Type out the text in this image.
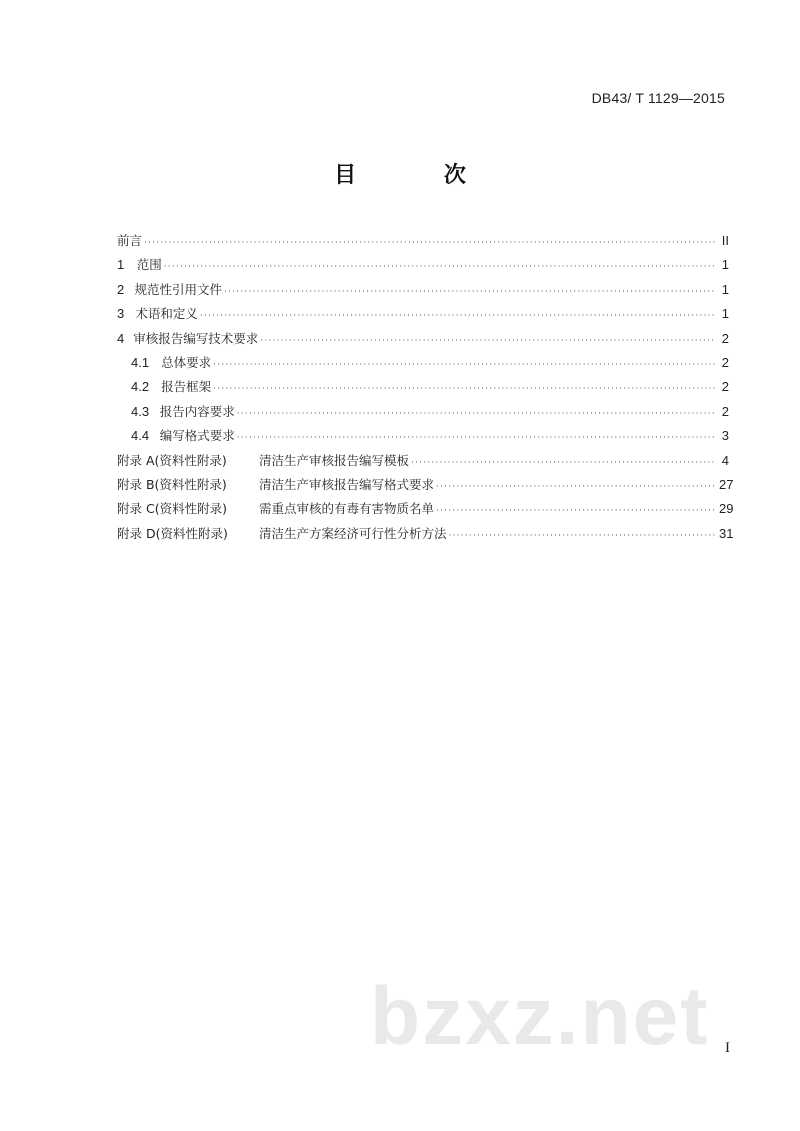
DB43/ T 1129—2015
目 次
前言 ·····	II
1 范围 ·····	1
2 规范性引用文件 ·····	1
3 术语和定义 ·····	1
4 审核报告编写技术要求 ·····	2
4.1 总体要求 ·····	2
4.2 报告框架 ·····	2
4.3 报告内容要求 ·····	2
4.4 编写格式要求 ·····	3
附录 A(资料性附录)	清洁生产审核报告编写模板 ·····	4
附录 B(资料性附录)	清洁生产审核报告编写格式要求 ·····	27
附录 C(资料性附录)	需重点审核的有毒有害物质名单 ·····	29
附录 D(资料性附录) 清洁生产方案经济可行性分析方法 ·····	31
bzxz.net I
